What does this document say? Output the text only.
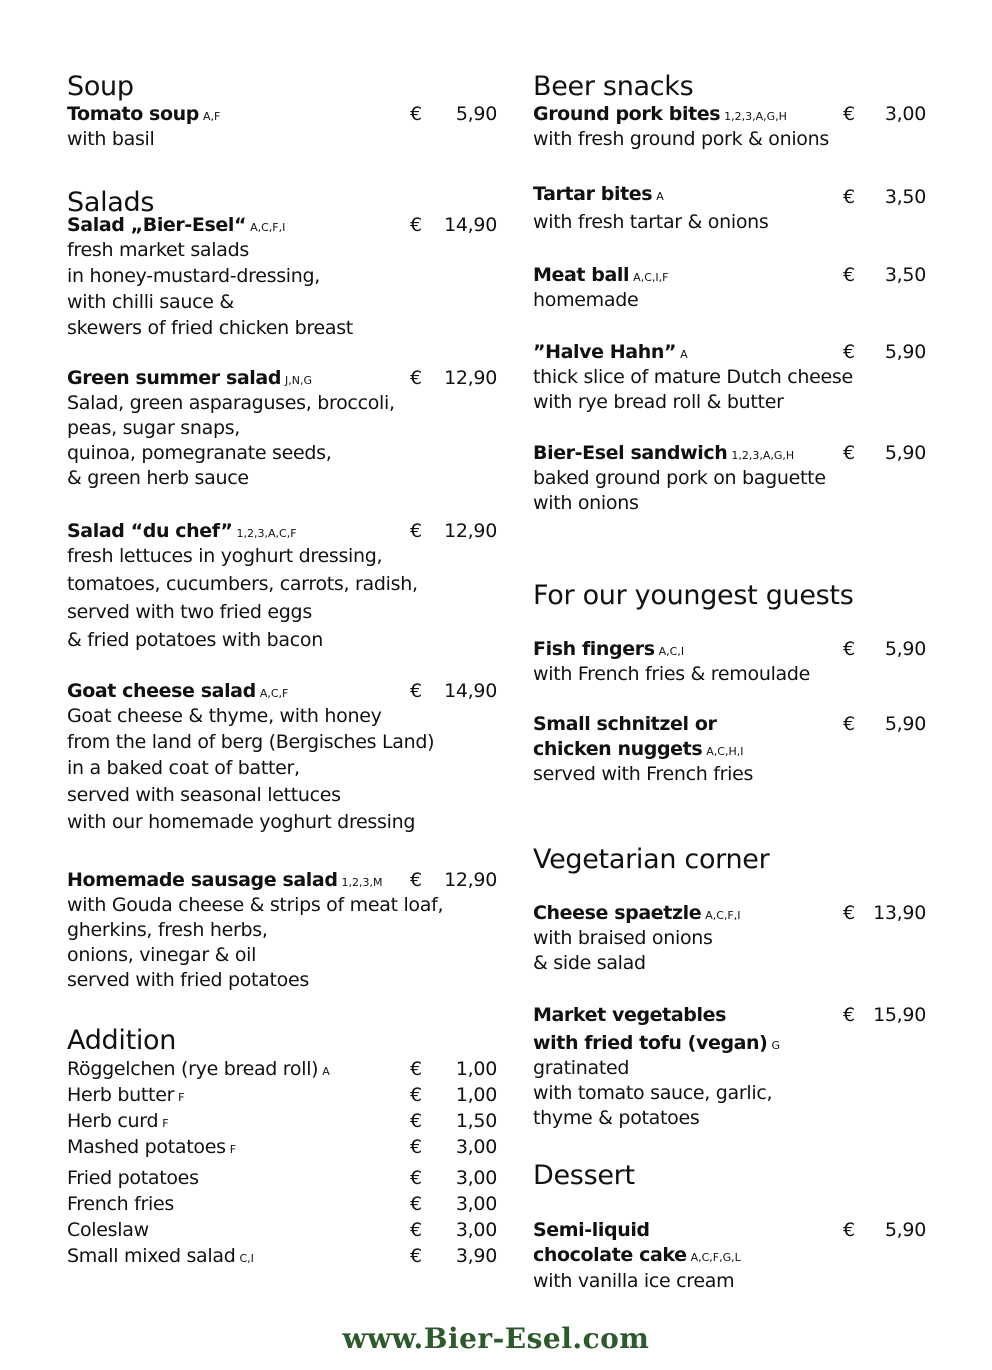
Soup
Tomato soup A,F	€	5,90
with basil
Salads
Salad „Bier-Esel“ A,C,F,I	€	14,90
fresh market salads
in honey-mustard-dressing,
with chilli sauce &
skewers of fried chicken breast
Green summer salad J,N,G	€	12,90
Salad, green asparaguses, broccoli,
peas, sugar snaps,
quinoa, pomegranate seeds,
& green herb sauce
Salad “du chef” 1,2,3,A,C,F	€	12,90
fresh lettuces in yoghurt dressing,
tomatoes, cucumbers, carrots, radish,
served with two fried eggs
& fried potatoes with bacon
Goat cheese salad A,C,F	€	14,90
Goat cheese & thyme, with honey
from the land of berg (Bergisches Land)
in a baked coat of batter,
served with seasonal lettuces
with our homemade yoghurt dressing
Homemade sausage salad 1,2,3,M €	12,90
with Gouda cheese & strips of meat loaf,
gherkins, fresh herbs,
onions, vinegar & oil
served with fried potatoes
Addition
Röggelchen (rye bread roll) A	€	1,00
Herb butter F	€	1,00
Herb curd F	€	1,50
Mashed potatoes F	€	3,00
Fried potatoes	€	3,00
French fries	€	3,00
Coleslaw	€	3,00
Small mixed salad C,I	€	3,90
Beer snacks
Ground pork bites 1,2,3,A,G,H	€	3,00
with fresh ground pork & onions
Tartar bites A	€	3,50
with fresh tartar & onions
Meat ball A,C,I,F	€	3,50
homemade
”Halve Hahn” A	€	5,90
thick slice of mature Dutch cheese
with rye bread roll & butter
Bier-Esel sandwich 1,2,3,A,G,H	€	5,90
baked ground pork on baguette
with onions
For our youngest guests
Fish fingers A,C,I	€	5,90
with French fries & remoulade
Small schnitzel or	€	5,90
chicken nuggets A,C,H,I
served with French fries
Vegetarian corner
Cheese spaetzle A,C,F,I	€ 13,90
with braised onions
& side salad
Market vegetables	€ 15,90
with fried tofu (vegan) G
gratinated
with tomato sauce, garlic,
thyme & potatoes
Dessert
Semi-liquid	€	5,90
chocolate cake A,C,F,G,L
with vanilla ice cream
www.Bier-Esel.com
